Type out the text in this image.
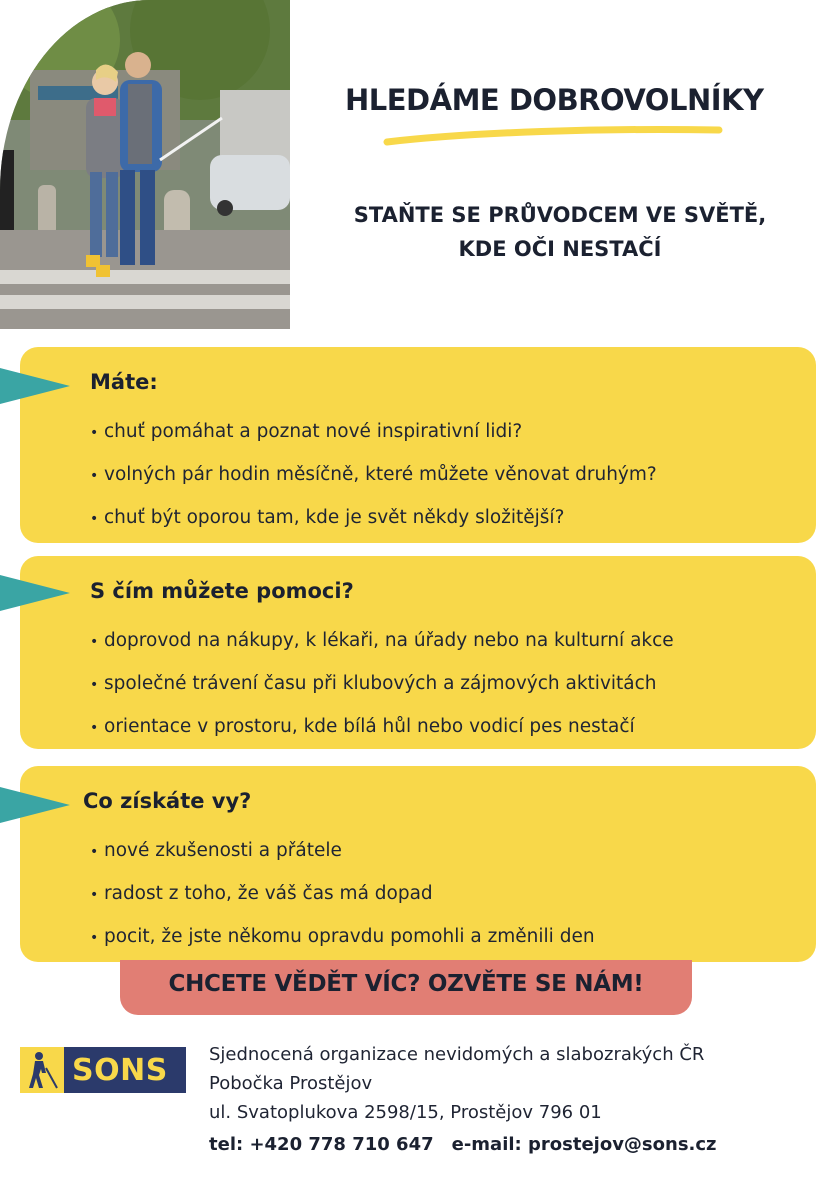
HLEDÁME DOBROVOLNÍKY
STAŇTE SE PRŮVODCEM VE SVĚTĚ,
KDE OČI NESTAČÍ
Máte:
• chuť pomáhat a poznat nové inspirativní lidi?
• volných pár hodin měsíčně, které můžete věnovat druhým?
• chuť být oporou tam, kde je svět někdy složitější?
S čím můžete pomoci?
• doprovod na nákupy, k lékaři, na úřady nebo na kulturní akce
• společné trávení času při klubových a zájmových aktivitách
• orientace v prostoru, kde bílá hůl nebo vodicí pes nestačí
Co získáte vy?
• nové zkušenosti a přátele
• radost z toho, že váš čas má dopad
• pocit, že jste někomu opravdu pomohli a změnili den
CHCETE VĚDĚT VÍC? OZVĚTE SE NÁM!
SONS Sjednocená organizace nevidomých a slabozrakých ČR
Pobočka Prostějov
ul. Svatoplukova 2598/15, Prostějov 796 01
tel: +420 778 710 647 e-mail: prostejov@sons.cz
